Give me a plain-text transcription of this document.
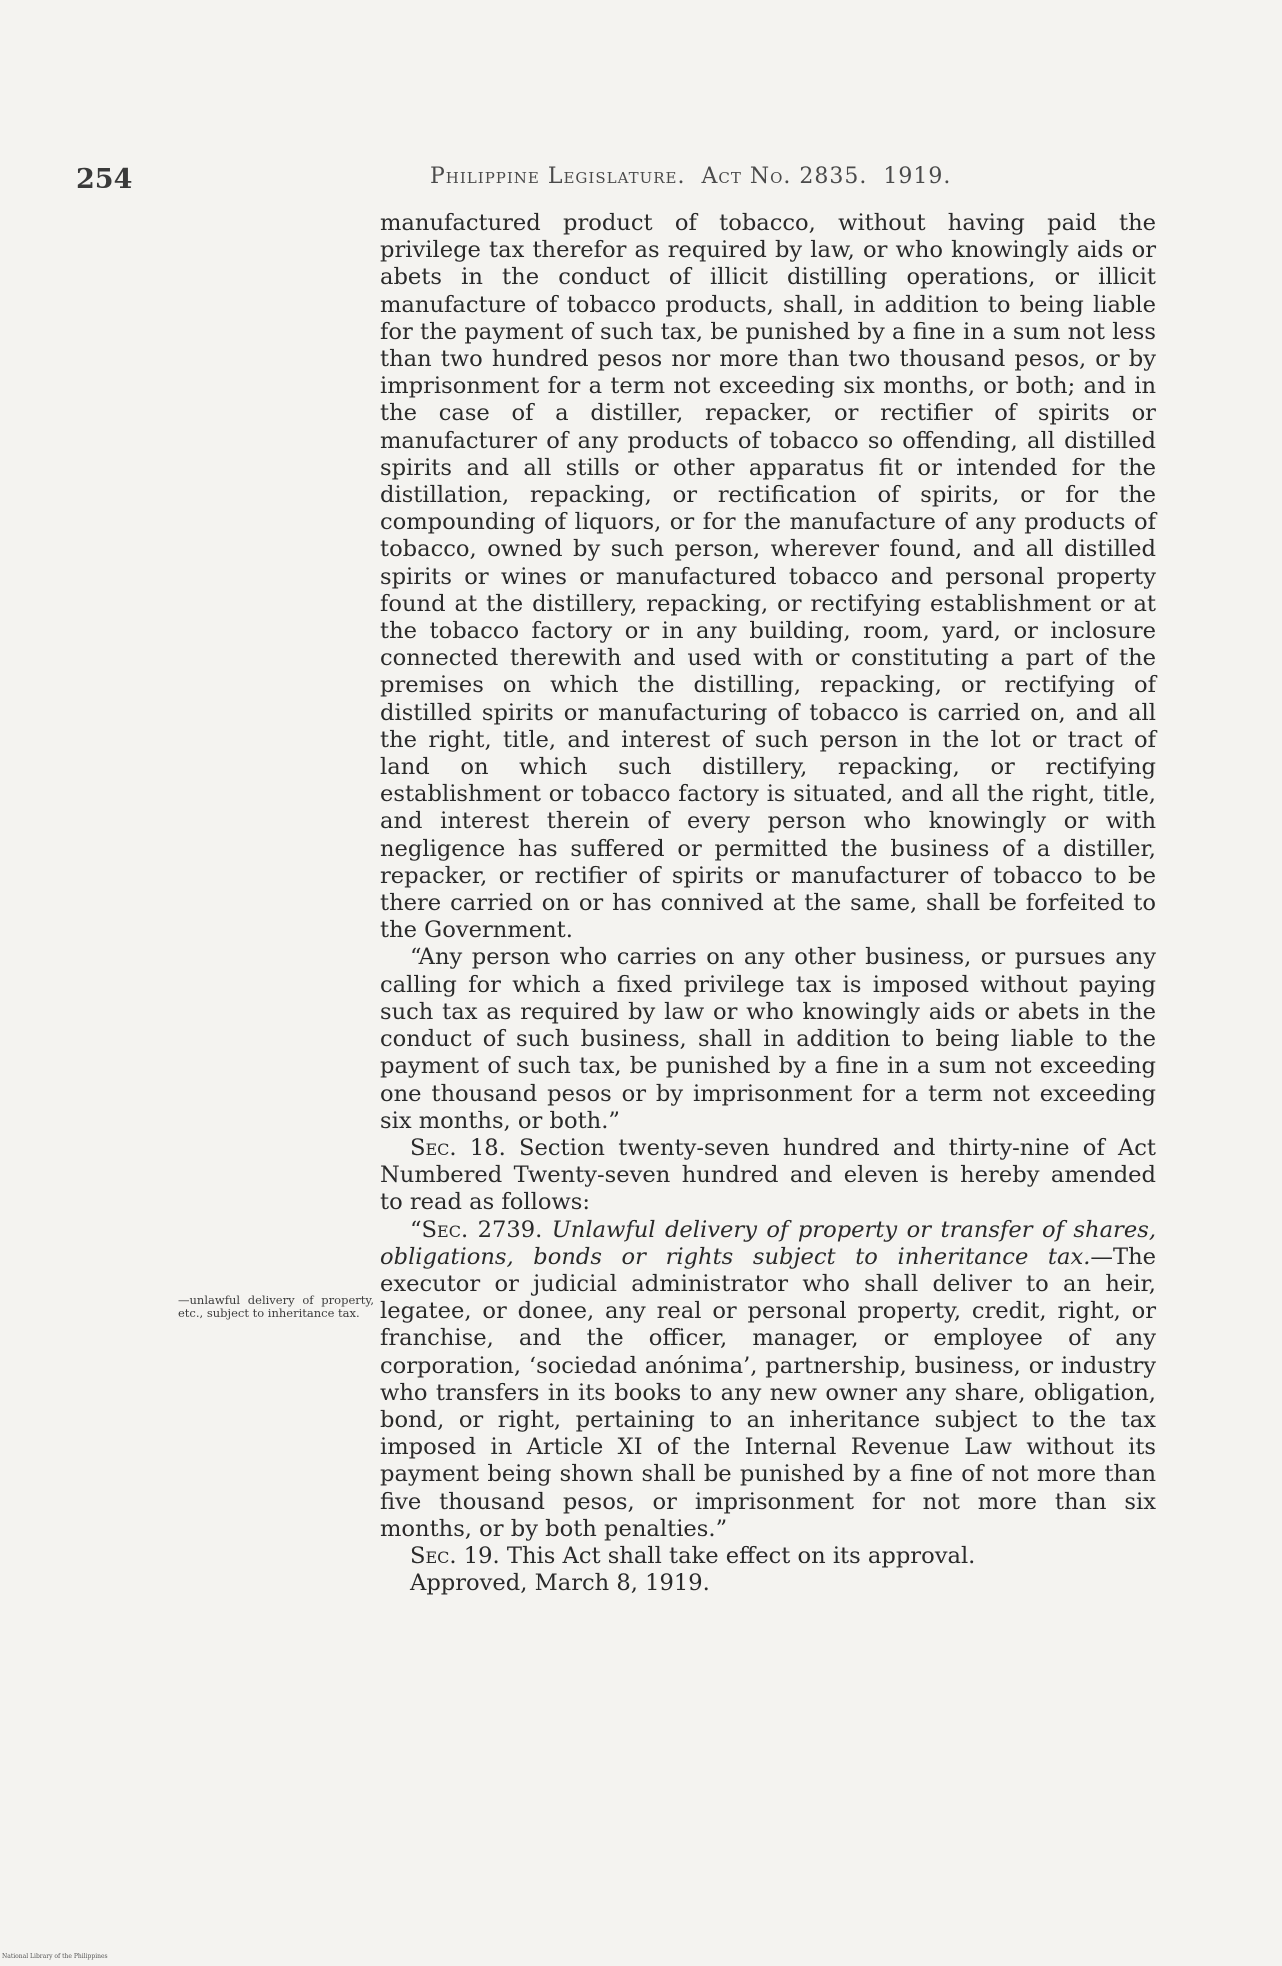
254	Philippine Legislature. Act No. 2835. 1919.

manufactured product of tobacco, without having paid the privilege tax therefor as required by law, or who knowingly aids or abets in the conduct of illicit distilling operations, or illicit manufacture of tobacco products, shall, in addition to being liable for the payment of such tax, be punished by a fine in a sum not less than two hundred pesos nor more than two thousand pesos, or by imprisonment for a term not exceeding six months, or both; and in the case of a distiller, repacker, or rectifier of spirits or manufacturer of any products of tobacco so offending, all distilled spirits and all stills or other apparatus fit or intended for the distillation, repacking, or rectification of spirits, or for the compounding of liquors, or for the manufacture of any products of tobacco, owned by such person, wherever found, and all distilled spirits or wines or manufactured tobacco and personal property found at the distillery, repacking, or rectifying establishment or at the tobacco factory or in any building, room, yard, or inclosure connected therewith and used with or constituting a part of the premises on which the distilling, repacking, or rectifying of distilled spirits or manufacturing of tobacco is carried on, and all the right, title, and interest of such person in the lot or tract of land on which such distillery, repacking, or rectifying establishment or tobacco factory is situated, and all the right, title, and interest therein of every person who knowingly or with negligence has suffered or permitted the business of a distiller, repacker, or rectifier of spirits or manufacturer of tobacco to be there carried on or has connived at the same, shall be forfeited to the Government.

“Any person who carries on any other business, or pursues any calling for which a fixed privilege tax is imposed without paying such tax as required by law or who knowingly aids or abets in the conduct of such business, shall in addition to being liable to the payment of such tax, be punished by a fine in a sum not exceeding one thousand pesos or by imprisonment for a term not exceeding six months, or both.”

Sec. 18. Section twenty-seven hundred and thirty-nine of Act Numbered Twenty-seven hundred and eleven is hereby amended to read as follows:

“Sec. 2739. Unlawful delivery of property or transfer of shares, obligations, bonds or rights subject to inheritance tax.—The executor or judicial administrator who shall deliver to an heir, legatee, or donee, any real or personal property, credit, right, or franchise, and the officer, manager, or employee of any corporation, ‘sociedad anónima’, partnership, business, or industry who transfers in its books to any new owner any share, obligation, bond, or right, pertaining to an inheritance subject to the tax imposed in Article XI of the Internal Revenue Law without its payment being shown shall be punished by a fine of not more than five thousand pesos, or imprisonment for not more than six months, or by both penalties.”

Sec. 19. This Act shall take effect on its approval.

Approved, March 8, 1919.

—unlawful delivery of property, etc., subject to inheritance tax.
National Library of the Philippines
